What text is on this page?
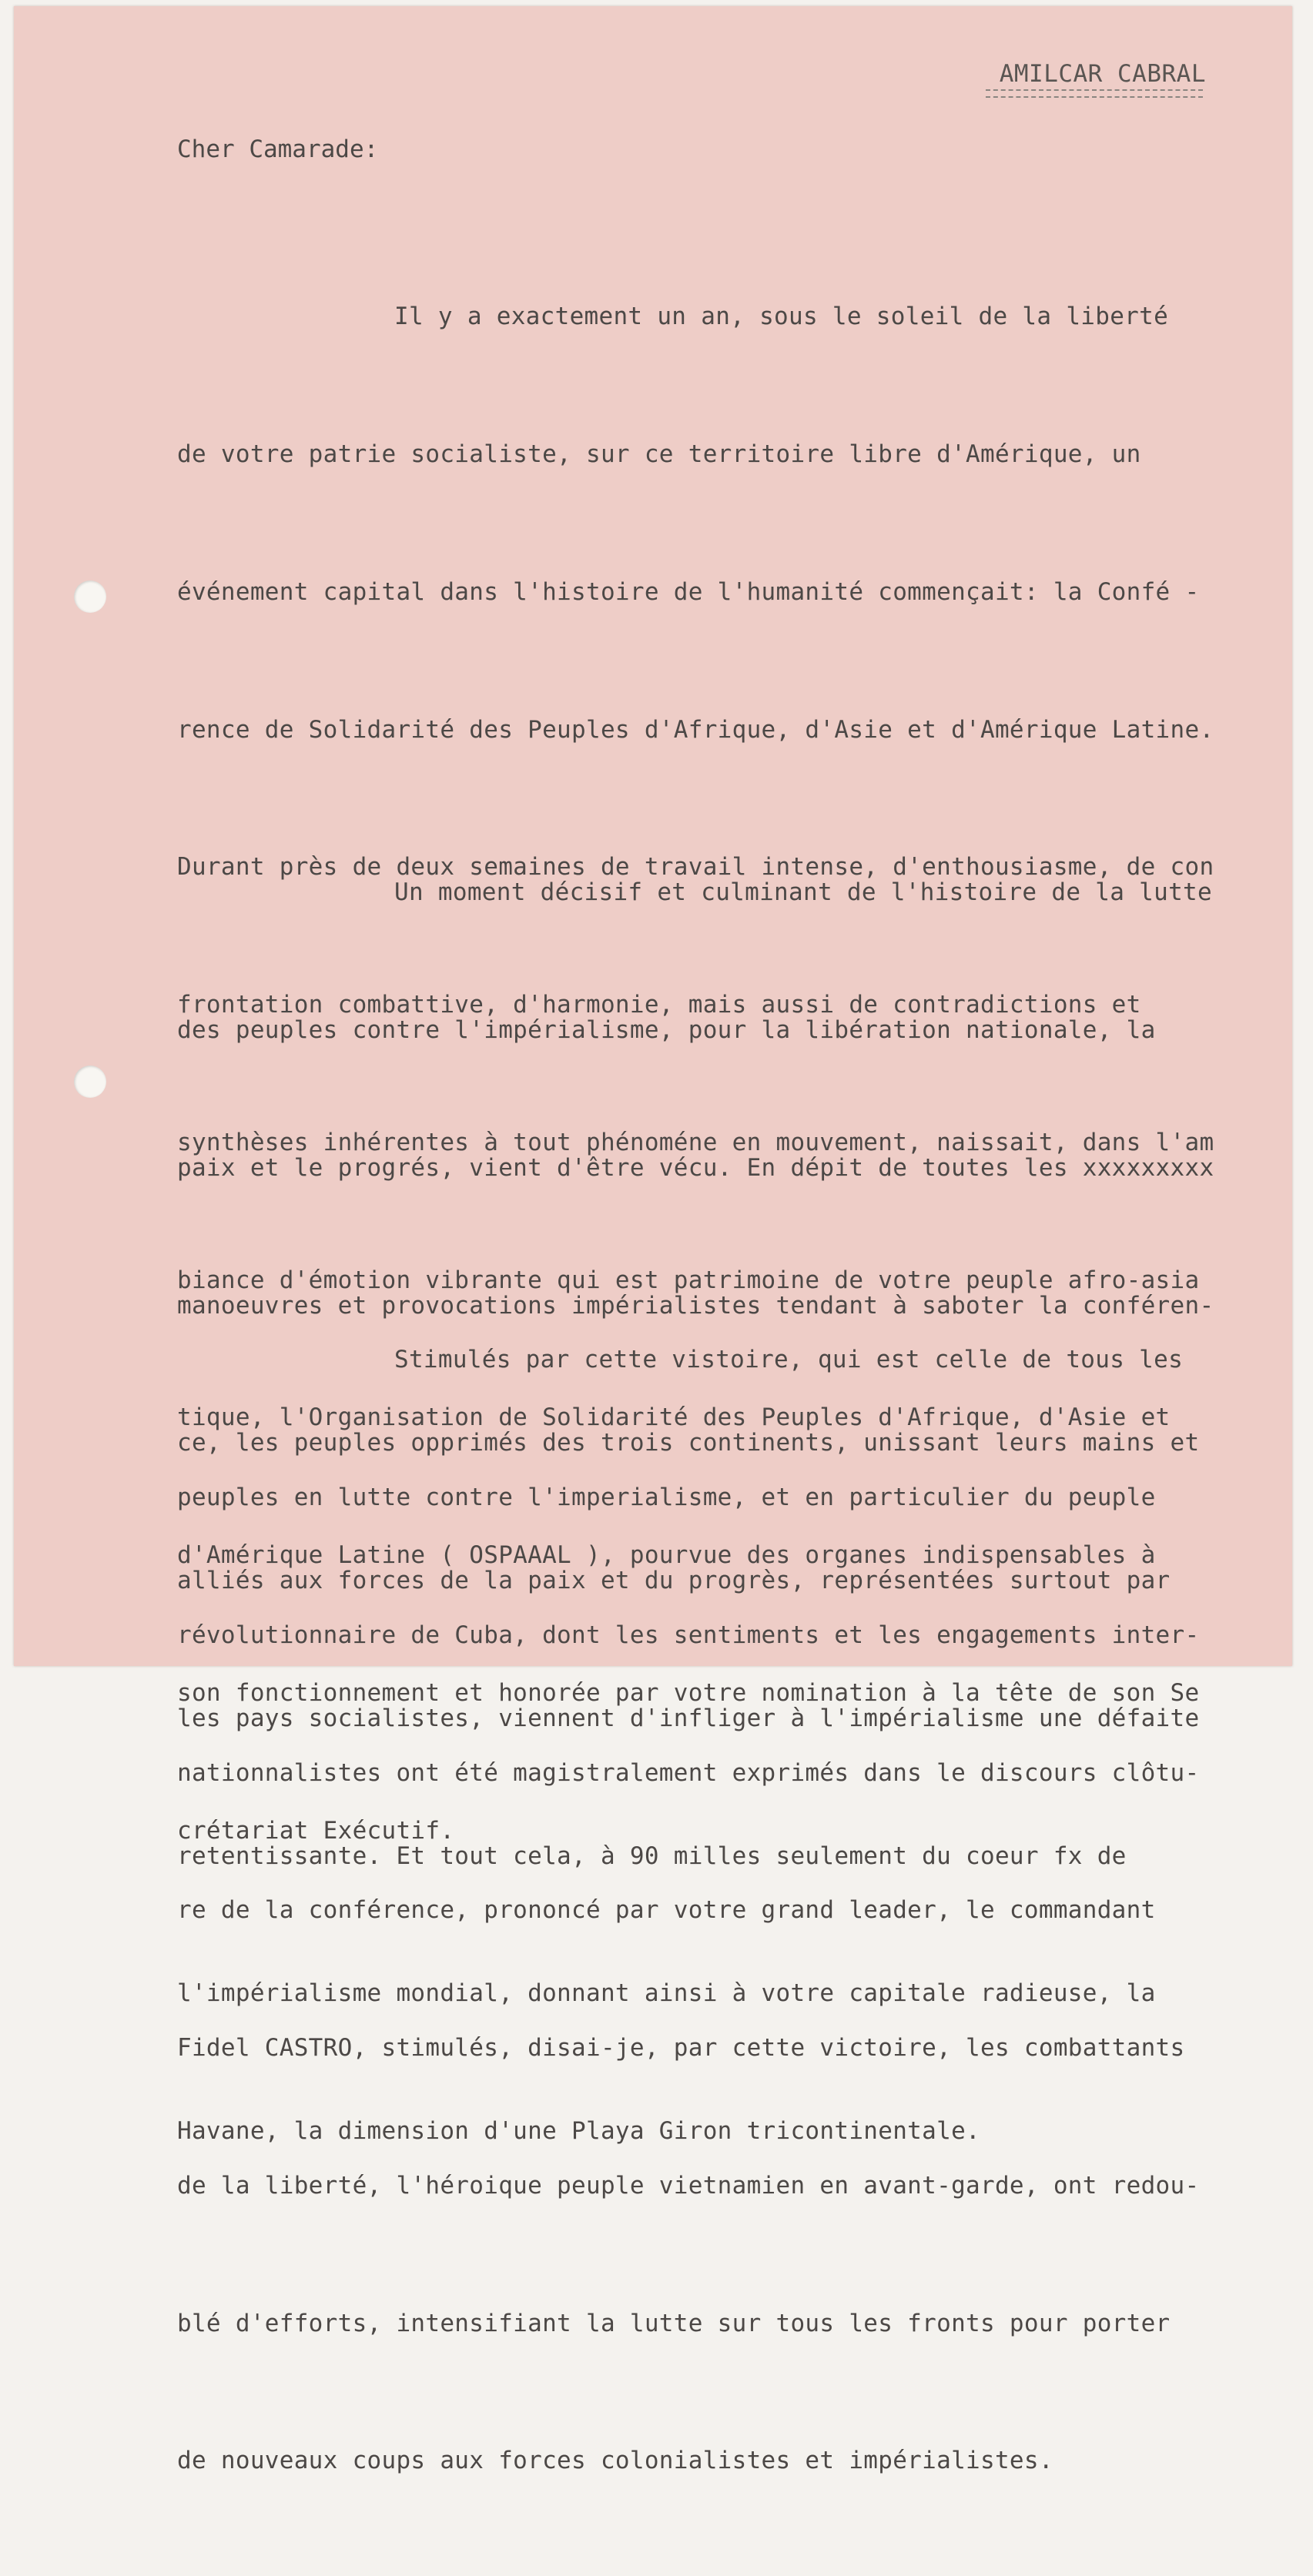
AMILCAR CABRAL
Cher Camarade:

Il y a exactement un an, sous le soleil de la liberté

de votre patrie socialiste, sur ce territoire libre d'Amérique, un

événement capital dans l'histoire de l'humanité commençait: la Confé -

rence de Solidarité des Peuples d'Afrique, d'Asie et d'Amérique Latine.

Durant près de deux semaines de travail intense, d'enthousiasme, de con

frontation combattive, d'harmonie, mais aussi de contradictions et

synthèses inhérentes à tout phénoméne en mouvement, naissait, dans l'am

biance d'émotion vibrante qui est patrimoine de votre peuple afro-asia

tique, l'Organisation de Solidarité des Peuples d'Afrique, d'Asie et

d'Amérique Latine ( OSPAAAL ), pourvue des organes indispensables à

son fonctionnement et honorée par votre nomination à la tête de son Se

crétariat Exécutif.

Un moment décisif et culminant de l'histoire de la lutte

des peuples contre l'impérialisme, pour la libération nationale, la

paix et le progrés, vient d'être vécu. En dépit de toutes les xxxxxxxxx

manoeuvres et provocations impérialistes tendant à saboter la conféren-

ce, les peuples opprimés des trois continents, unissant leurs mains et

alliés aux forces de la paix et du progrès, représentées surtout par

les pays socialistes, viennent d'infliger à l'impérialisme une défaite

retentissante. Et tout cela, à 90 milles seulement du coeur fx de

l'impérialisme mondial, donnant ainsi à votre capitale radieuse, la

Havane, la dimension d'une Playa Giron tricontinentale.

Stimulés par cette vistoire, qui est celle de tous les

peuples en lutte contre l'imperialisme, et en particulier du peuple

révolutionnaire de Cuba, dont les sentiments et les engagements inter-

nationnalistes ont été magistralement exprimés dans le discours clôtu-

re de la conférence, prononcé par votre grand leader, le commandant

Fidel CASTRO, stimulés, disai-je, par cette victoire, les combattants

de la liberté, l'héroique peuple vietnamien en avant-garde, ont redou-

blé d'efforts, intensifiant la lutte sur tous les fronts pour porter

de nouveaux coups aux forces colonialistes et impérialistes.
